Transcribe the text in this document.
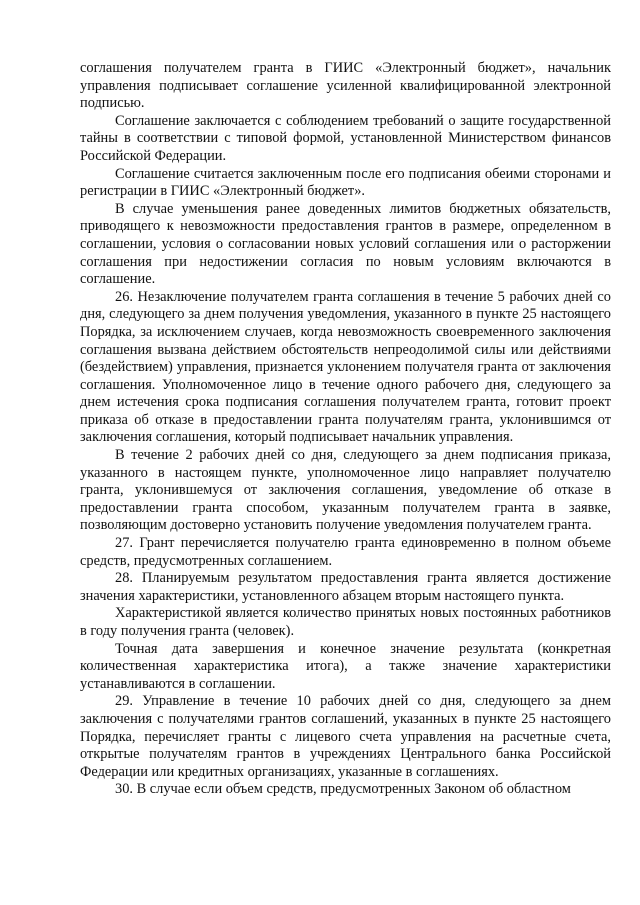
соглашения получателем гранта в ГИИС «Электронный бюджет», начальник управления подписывает соглашение усиленной квалифицированной электронной подписью.

Соглашение заключается с соблюдением требований о защите государственной тайны в соответствии с типовой формой, установленной Министерством финансов Российской Федерации.

Соглашение считается заключенным после его подписания обеими сторонами и регистрации в ГИИС «Электронный бюджет».

В случае уменьшения ранее доведенных лимитов бюджетных обязательств, приводящего к невозможности предоставления грантов в размере, определенном в соглашении, условия о согласовании новых условий соглашения или о расторжении соглашения при недостижении согласия по новым условиям включаются в соглашение.

26. Незаключение получателем гранта соглашения в течение 5 рабочих дней со дня, следующего за днем получения уведомления, указанного в пункте 25 настоящего Порядка, за исключением случаев, когда невозможность своевременного заключения соглашения вызвана действием обстоятельств непреодолимой силы или действиями (бездействием) управления, признается уклонением получателя гранта от заключения соглашения. Уполномоченное лицо в течение одного рабочего дня, следующего за днем истечения срока подписания соглашения получателем гранта, готовит проект приказа об отказе в предоставлении гранта получателям гранта, уклонившимся от заключения соглашения, который подписывает начальник управления.

В течение 2 рабочих дней со дня, следующего за днем подписания приказа, указанного в настоящем пункте, уполномоченное лицо направляет получателю гранта, уклонившемуся от заключения соглашения, уведомление об отказе в предоставлении гранта способом, указанным получателем гранта в заявке, позволяющим достоверно установить получение уведомления получателем гранта.

27. Грант перечисляется получателю гранта единовременно в полном объеме средств, предусмотренных соглашением.

28. Планируемым результатом предоставления гранта является достижение значения характеристики, установленного абзацем вторым настоящего пункта.

Характеристикой является количество принятых новых постоянных работников в году получения гранта (человек).

Точная дата завершения и конечное значение результата (конкретная количественная характеристика итога), а также значение характеристики устанавливаются в соглашении.

29. Управление в течение 10 рабочих дней со дня, следующего за днем заключения с получателями грантов соглашений, указанных в пункте 25 настоящего Порядка, перечисляет гранты с лицевого счета управления на расчетные счета, открытые получателям грантов в учреждениях Центрального банка Российской Федерации или кредитных организациях, указанные в соглашениях.

30. В случае если объем средств, предусмотренных Законом об областном
